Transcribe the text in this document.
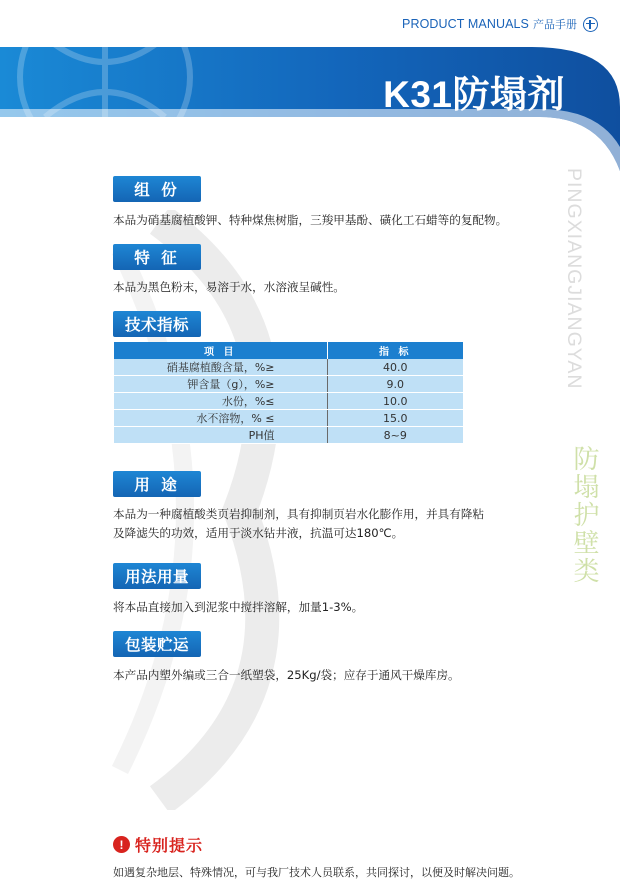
PRODUCT MANUALS 产品手册
K31防塌剂
PINGXIANGJIANGYAN
防塌护壁类
组 份
本品为硝基腐植酸钾、特种煤焦树脂，三羧甲基酚、磺化工石蜡等的复配物。
特 征
本品为黑色粉末，易溶于水，水溶液呈碱性。
技术指标
项 目	指 标
硝基腐植酸含量，%≥	40.0
钾含量（g），%≥	9.0
水份，%≤	10.0
水不溶物，% ≤	15.0
PH值	8~9
用 途
本品为一种腐植酸类页岩抑制剂，具有抑制页岩水化膨作用，并具有降粘
及降滤失的功效，适用于淡水钻井液，抗温可达180℃。
用法用量
将本品直接加入到泥浆中搅拌溶解，加量1-3%。
包装贮运
本产品内塑外编或三合一纸塑袋，25Kg/袋；应存于通风干燥库房。
! 特别提示
如遇复杂地层、特殊情况，可与我厂技术人员联系，共同探讨，以便及时解决问题。
